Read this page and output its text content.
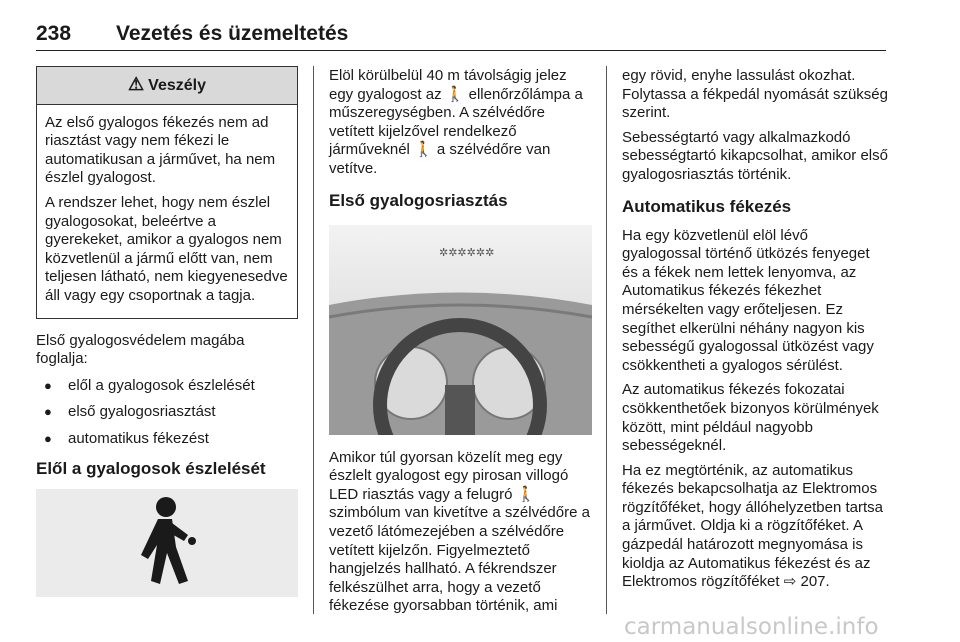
238 Vezetés és üzemeltetés
⚠ Veszély

Az első gyalogos fékezés nem ad riasztást vagy nem fékezi le automatikusan a járművet, ha nem észlel gyalogost.

A rendszer lehet, hogy nem észlel gyalogosokat, beleértve a gyerekeket, amikor a gyalogos nem közvetlenül a jármű előtt van, nem teljesen látható, nem kiegyenesedve áll vagy egy csoportnak a tagja.

Első gyalogosvédelem magába foglalja:

● elől a gyalogosok észlelését
● első gyalogosriasztást
● automatikus fékezést
Elől a gyalogosok észlelését

Elöl körülbelül 40 m távolságig jelez egy gyalogost az 🚶 ellenőrzőlámpa a műszeregységben. A szélvédőre vetített kijelzővel rendelkező járműveknél 🚶 a szélvédőre van vetítve.

Első gyalogosriasztás
✲✲✲✲✲✲

Amikor túl gyorsan közelít meg egy észlelt gyalogost egy pirosan villogó LED riasztás vagy a felugró 🚶 szimbólum van kivetítve a szélvédőre a vezető látómezejében a szélvédőre vetített kijelzőn. Figyelmeztető hangjelzés hallható. A fékrendszer felkészülhet arra, hogy a vezető fékezése gyorsabban történik, ami

egy rövid, enyhe lassulást okozhat. Folytassa a fékpedál nyomását szükség szerint.

Sebességtartó vagy alkalmazkodó sebességtartó kikapcsolhat, amikor első gyalogosriasztás történik.

Automatikus fékezés

Ha egy közvetlenül elöl lévő gyalogossal történő ütközés fenyeget és a fékek nem lettek lenyomva, az Automatikus fékezés fékezhet mérsékelten vagy erőteljesen. Ez segíthet elkerülni néhány nagyon kis sebességű gyalogossal ütközést vagy csökkentheti a gyalogos sérülést.

Az automatikus fékezés fokozatai csökkenthetőek bizonyos körülmények között, mint például nagyobb sebességeknél.

Ha ez megtörténik, az automatikus fékezés bekapcsolhatja az Elektromos rögzítőféket, hogy állóhelyzetben tartsa a járművet. Oldja ki a rögzítőféket. A gázpedál határozott megnyomása is kioldja az Automatikus fékezést és az Elektromos rögzítőféket ⇨ 207.

carmanualsonline.info
